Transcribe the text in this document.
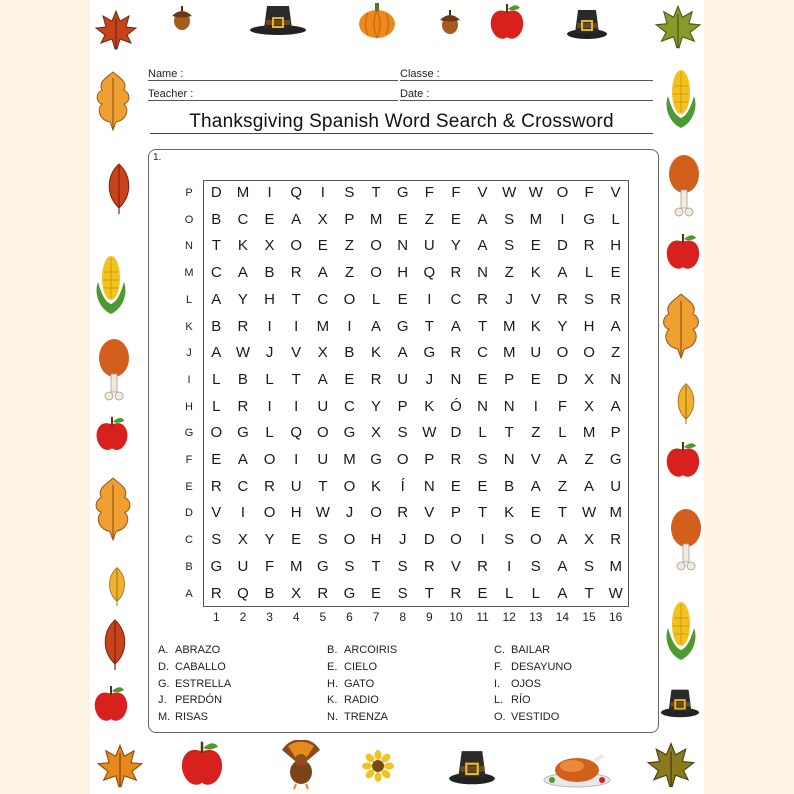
Name :	Classe :
Teacher :	Date :
Thanksgiving Spanish Word Search & Crossword
1.
P	D M	I	Q	I	S	T	G	F	F	V W W O	F	V
O	B	C	E	A	X	P	M	E	Z	E	A	S	M	I	G	L
N	T	K	X	O	E	Z	O	N	U	Y	A	S	E	D	R	H
M	C	A	B	R	A	Z	O	H	Q	R	N	Z	K	A	L	E
L	A	Y	H	T	C	O	L	E	I	C	R	J	V	R	S	R
K	B	R	I	I	M	I	A	G	T	A	T	M	K	Y	H	A
J	A W	J	V	X	B	K	A	G	R	C M U	O O	Z
I	L	B	L	T	A	E	R	U	J	N	E	P	E	D	X	N
H	L	R	I	I	U	C	Y	P	K	Ó	N	N	I	F	X	A
G	O G	L	Q O G	X	S W D	L	T	Z	L	M	P
F	E	A	O	I	U M G O	P	R	S	N	V	A	Z	G
E	R	C	R	U	T	O	K	Í	N	E	E	B	A	Z	A	U
D	V	I	O	H W	J	O	R	V	P	T	K	E	T W M
C	S	X	Y	E	S	O	H	J	D	O	I	S	O	A	X	R
B	G	U	F	M G	S	T	S	R	V	R	I	S	A	S	M
A	R	Q	B	X	R	G	E	S	T	R	E	L	L	A	T W
1	2	3	4	5	6	7	8	9	10	11	12	13	14	15	16
A. ABRAZO	B. ARCOIRIS	C. BAILAR
D. CABALLO	E. CIELO	F. DESAYUNO
G. ESTRELLA	H. GATO	I. OJOS
J. PERDÓN	K. RADIO	L. RÍO
M. RISAS	N. TRENZA	O. VESTIDO
